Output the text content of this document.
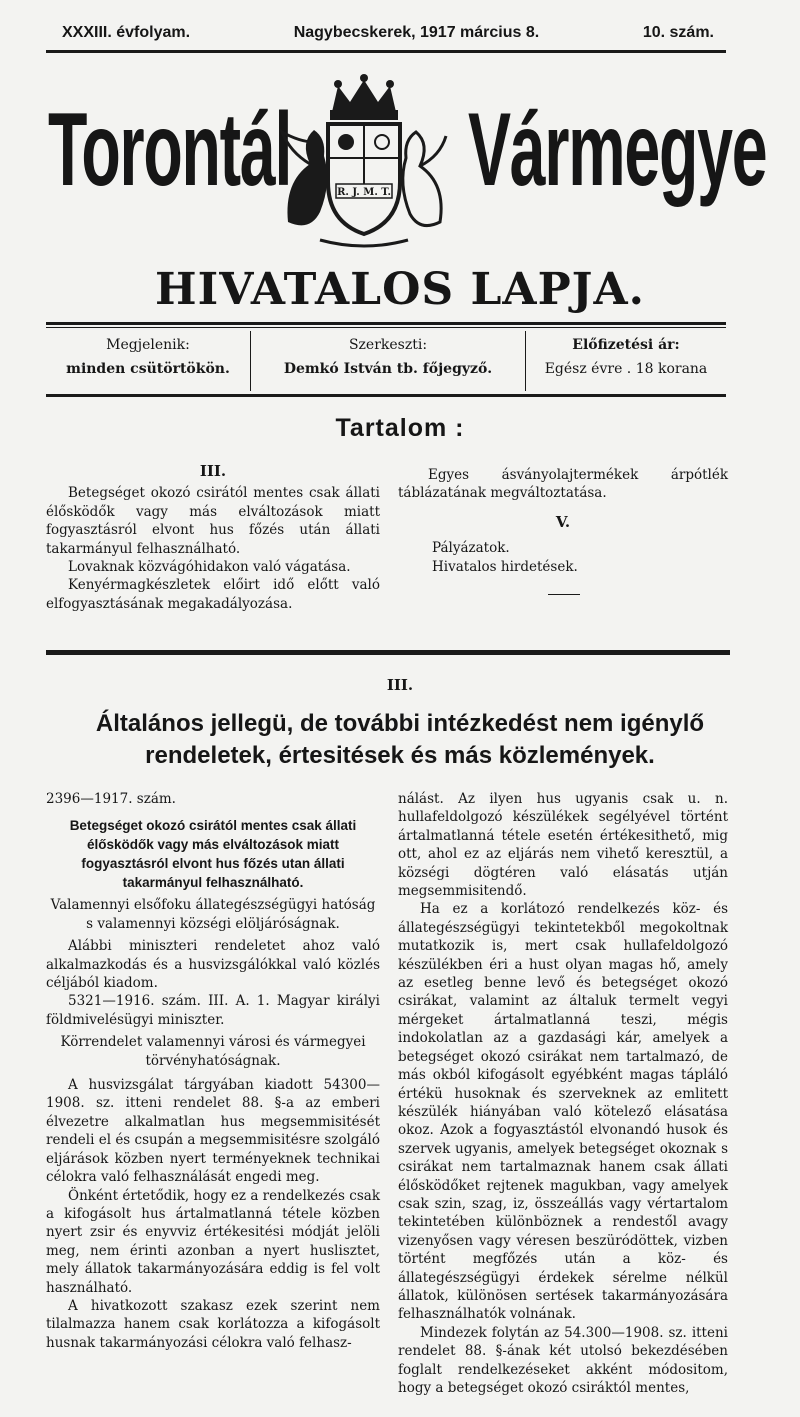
XXXIII. évfolyam.	Nagybecskerek, 1917 március 8.	10. szám.
Torontál Vármegye
R. J. M. T.
HIVATALOS LAPJA.
Megjelenik:
minden csütörtökön.
Szerkeszti:
Demkó István tb. főjegyző.
Előfizetési ár:
Egész évre . 18 korana
Tartalom :
III.

Betegséget okozó csirától mentes csak állati élősködők vagy más elváltozások miatt fogyasztásról elvont hus főzés után állati takarmányul felhasználható.

Lovaknak közvágóhidakon való vágatása.

Kenyérmagkészletek előirt idő előtt való elfogyasztásának megakadályozása.

Egyes ásványolajtermékek árpótlék táblázatának megváltoztatása.

V.

Pályázatok.

Hivatalos hirdetések.

III.
Általános jellegü, de további intézkedést nem igénylő rendeletek, értesitések és más közlemények.
2396—1917. szám.
Betegséget okozó csirától mentes csak állati élősködők vagy más elváltozások miatt fogyasztásról elvont hus főzés utan állati takarmányul felhasználható.
Valamennyi elsőfoku állategészségügyi hatóság s valamennyi községi elöljáróságnak.

Alábbi miniszteri rendeletet ahoz való alkalmazkodás és a husvizsgálókkal való közlés céljából kiadom.

5321—1916. szám. III. A. 1. Magyar királyi földmivelésügyi miniszter.

Körrendelet valamennyi városi és vármegyei törvényhatóságnak.

A husvizsgálat tárgyában kiadott 54300—1908. sz. itteni rendelet 88. §-a az emberi élvezetre alkalmatlan hus megsemmisitését rendeli el és csupán a megsemmisitésre szolgáló eljárások közben nyert terményeknek technikai célokra való felhasználását engedi meg.

Önként értetődik, hogy ez a rendelkezés csak a kifogásolt hus ártalmatlanná tétele közben nyert zsir és enyvviz értékesitési módját jelöli meg, nem érinti azonban a nyert huslisztet, mely állatok takarmányozására eddig is fel volt használható.

A hivatkozott szakasz ezek szerint nem tilalmazza hanem csak korlátozza a kifogásolt husnak takarmányozási célokra való felhasz-

nálást. Az ilyen hus ugyanis csak u. n. hullafeldolgozó készülékek segélyével történt ártalmatlanná tétele esetén értékesithető, mig ott, ahol ez az eljárás nem vihető keresztül, a községi dögtéren való elásatás utján megsemmisitendő.

Ha ez a korlátozó rendelkezés köz- és állategészségügyi tekintetekből megokoltnak mutatkozik is, mert csak hullafeldolgozó készülékben éri a hust olyan magas hő, amely az esetleg benne levő és betegséget okozó csirákat, valamint az általuk termelt vegyi mérgeket ártalmatlanná teszi, mégis indokolatlan az a gazdasági kár, amelyek a betegséget okozó csirákat nem tartalmazó, de más okból kifogásolt egyébként magas tápláló értékü husoknak és szerveknek az emlitett készülék hiányában való kötelező elásatása okoz. Azok a fogyasztástól elvonandó husok és szervek ugyanis, amelyek betegséget okoznak s csirákat nem tartalmaznak hanem csak állati élősködőket rejtenek magukban, vagy amelyek csak szin, szag, iz, összeállás vagy vértartalom tekintetében különböznek a rendestől avagy vizenyősen vagy véresen beszüródöttek, vizben történt megfőzés után a köz- és állategészségügyi érdekek sérelme nélkül állatok, különösen sertések takarmányozására felhasználhatók volnának.

Mindezek folytán az 54.300—1908. sz. itteni rendelet 88. §-ának két utolsó bekezdésében foglalt rendelkezéseket akként módositom, hogy a betegséget okozó csiráktól mentes,
